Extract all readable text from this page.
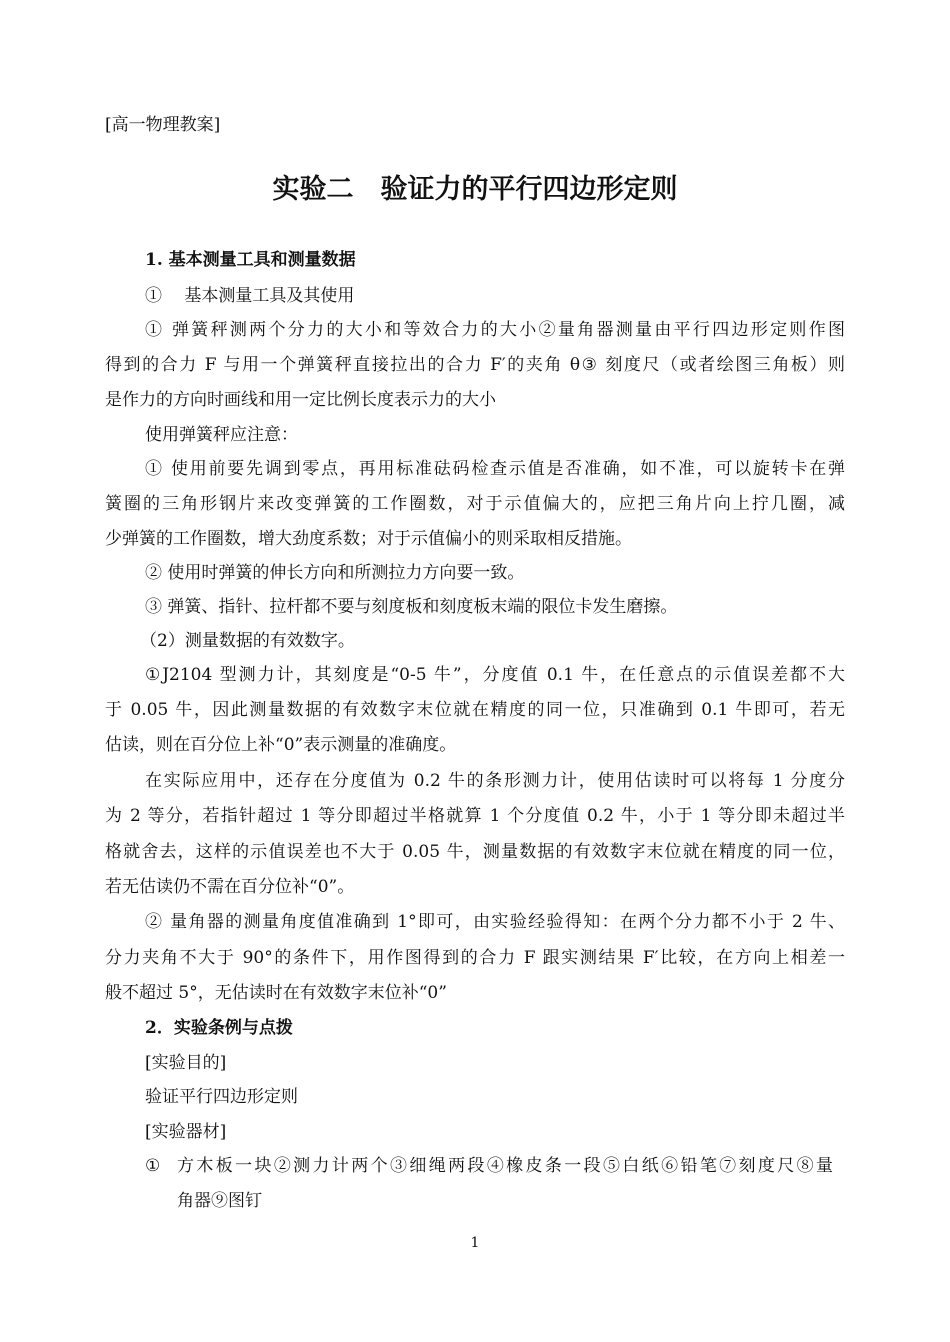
[高一物理教案]
实验二　验证力的平行四边形定则
1. 基本测量工具和测量数据
①　 基本测量工具及其使用
① 弹簧秤测两个分力的大小和等效合力的大小②量角器测量由平行四边形定则作图
得到的合力 F 与用一个弹簧秤直接拉出的合力 F′的夹角 θ③ 刻度尺（或者绘图三角板）则
是作力的方向时画线和用一定比例长度表示力的大小
使用弹簧秤应注意：
① 使用前要先调到零点，再用标准砝码检查示值是否准确，如不准，可以旋转卡在弹
簧圈的三角形钢片来改变弹簧的工作圈数，对于示值偏大的，应把三角片向上拧几圈，减
少弹簧的工作圈数，增大劲度系数；对于示值偏小的则采取相反措施。
② 使用时弹簧的伸长方向和所测拉力方向要一致。
③ 弹簧、指针、拉杆都不要与刻度板和刻度板末端的限位卡发生磨擦。
（2）测量数据的有效数字。
①J2104 型测力计，其刻度是“0-5 牛”，分度值 0.1 牛，在任意点的示值误差都不大
于 0.05 牛，因此测量数据的有效数字末位就在精度的同一位，只准确到 0.1 牛即可，若无
估读，则在百分位上补“0”表示测量的准确度。
在实际应用中，还存在分度值为 0.2 牛的条形测力计，使用估读时可以将每 1 分度分
为 2 等分，若指针超过 1 等分即超过半格就算 1 个分度值 0.2 牛，小于 1 等分即未超过半
格就舍去，这样的示值误差也不大于 0.05 牛，测量数据的有效数字末位就在精度的同一位，
若无估读仍不需在百分位补“0”。
② 量角器的测量角度值准确到 1°即可，由实验经验得知：在两个分力都不小于 2 牛、
分力夹角不大于 90°的条件下，用作图得到的合力 F 跟实测结果 F′比较，在方向上相差一
般不超过 5°，无估读时在有效数字末位补“0”
2．实验条例与点拨
[实验目的]
验证平行四边形定则
[实验器材]
① 方木板一块②测力计两个③细绳两段④橡皮条一段⑤白纸⑥铅笔⑦刻度尺⑧量
角器⑨图钉
1
